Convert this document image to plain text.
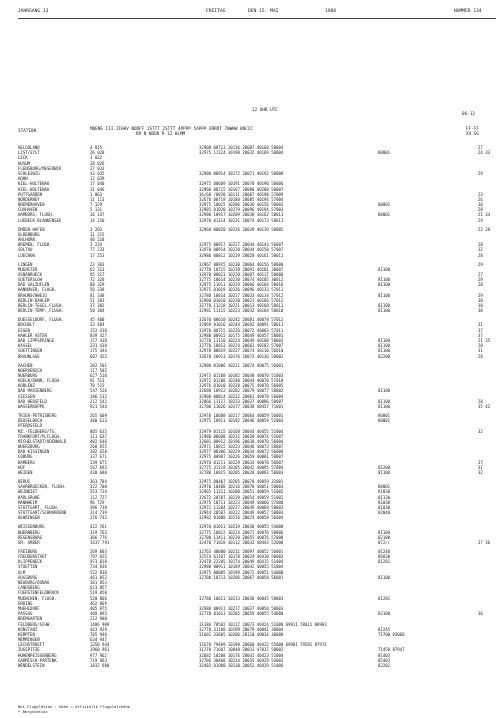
JAHRGANG 13	FREITAG	DEN 15. MAI	1988	NUMMER 134
12 UHR UTC
06-12
STATION	MDENE III IIHHV NDDFF 1STTT 2STTT 4PPPP 5APPP 6RRRT 7WWWW 8NCCC
RR N NDDD R 12 HLMM
FF-FF
XX GG
HELGOLAND	4 015	32908 00713 10136 20087 40168 58004	27
LIST/SYLT	26 020	32975 11124 10190 20032 40189 58004	80001	24 33
LECK	3 022
HUSUM	28 026
FLENSBURG/MESERWIK	27 033
SCHLESWIG	43 035	32980 00914 10172 20071 40192 58008	29
HOHN	12 039
KIEL-HOLTENAU	17 040	32975 00609 10191 20078 40190 58006
KIEL-HOLTENAU	31 046	32960 00715 10167 20088 40200 58007
PUTTGARDEN	1 063	36/60 /0820 10111 20087 40198 57009	23
NORDERNEY	11 113	32670 00719 10180 20085 40194 57004	26
BREMERHAVEN	7 129	32975 10815 10206 20036 40156 58002	80001	30
CUXHAVEN	5 131	32985 01020 10179 20096 40194 57003	28
HAMBURG, FLUGH.	16 147	32980 10917 10209 20030 40162 58013	80001	21 34
LUEBECK-BLANKENSEE	14 150	32970 01114 10231 20074 40173 58011	29
EMDEN-HAFEN	3 203	32968 00820 10226 20039 40139 58005	22 28
OLDENBURG	11 215
AHLHORN	40 218
BREMEN, FLUGH.	3 224	32975 00917 10227 20044 40143 56007	28
SOLTAU	77 233	32970 00914 10220 20044 40150 57007	32
LUECHOW	17 253	32980 00812 10219 20028 40161 58011	28
LINGEN	23 303	32967 00915 10230 20064 40156 58008	29
MUENSTER	62 313	32770 10715 10239 20091 40101 38007	81100
OSNABRUECK	95 317	32970 00823 10220 20087 40117 58006	27
GUETERSLOH	72 320	32775 10614 10230 20074 40105 30012	81100	29
BAD SALZUFLEN	88 329	32975 11013 10229 20066 40104 58016	81100	28
HANNOVER, FLUGH.	56 338	32975 01019 10226 20096 40133 57011
BRAUNSCHWEIG	81 348	32780 10814 10217 20033 40134 57012	81100	29
BERLIN-DAHLEM	51 383	32980 01010 10220 20021 40166 57012	30
BERLIN-TEGEL,FLUGH.	37 382	32770 11218 10221 20013 40160 58011	81100	30
BERLIN-TEMP.,FLUGH.	50 384	32981 11115 10223 20032 40164 58010	81100	30
DUESSELDORF, FLUGH.	45 400	32670 00610 10242 20081 40078 57012
BOCHOLT	23 404	32969 01016 10244 20092 40091 58011	31
ESSEN	152 410	32970 00715 10226 20072 40083 57011	37
HAHLER ASTEN	839 427	32980 00915 10175 20049 40457 58001	37
BAD LIPPSPRINGE	157 430	32770 11110 10224 20049 40108 58003	81100	21 35
KASSEL	231 438	32770 10812 10224 20062 40102 57007	81100	28
GOETTINGEN	175 444	32970 00819 10227 20074 40110 56010	81100	31
BRAUNLAGE	607 452	32670 20913 10176 20073 40136 58002	82200	28
AACHEN	202 501	32980 01006 10221 20074 40075 56001
NOERVENICH	117 502
NUERBURG	627 510	32973 01108 10182 20048 40070 51003
KOELN/BONN, FLUGH.	91 513	32972 01208 10240 20044 40070 57010
KOBLENZ	70 515	32976 01010 10228 20075 40070 56005
BAD MARIENBERG	547 526	32680 10912 10202 20079 40077 58002	81100
GIESSEN	186 532	32980 00814 10232 20061 40078 56004
BAD HERSFELD	212 542	32866 11117 10233 20037 40086 58007	81100	28
WASSERKUPPE	921 544	32780 11026 10177 20038 40457 71001	81100	35 42
TRIER-PETRISBERG	265 609	32978 10608 10217 20064 40059 56001	80001
DEUSELBACH	480 613	32975 10911 10192 20046 40059 52003	80001
PFERDSFELD
MZ.-FELDBERG/TS.	805 635	32979 01115 10168 20044 40455 51004	32
FRANKFURT/M,FLUGH.	111 637	32980 00608 10232 20038 40074 55007
MICHELSTADT/ODENWALD	402 646	32681 00912 10196 20038 40070 56004
WUERZBURG	268 655	32971 10815 10223 20046 40073 58007
BAD KISSINGEN	282 658	32977 00306 10229 20034 40072 56006
COBURG	337 671	32975 00907 10226 20059 40081 58007
BAMBERG	239 675	32978 01211 10229 20033 40078 56007	27
HOF	567 693	32775 31119 10185 20042 40095 57004	81200	31
WEIDEN	438 688	32780 10915 10205 20028 40083 56003	81100	32
BERUS	363 704	32975 00407 10205 20078 40059 32001
SAARBRUECKEN, FLUGH.	322 708	32970 10408 10216 20070 40051 58003	80001
WEINBIET	553 724	32965 11211 10200 20051 40059 51002	81030
KARLSRUHE	112 727	32672 20707 10239 20054 40059 51002	81130
MANNHEIM	96 729	32975 10711 10223 20049 40066 57006	81030
STUTTGART, FLUGH.	396 738	32972 11204 10227 20049 40069 58002	81030
STUTTGART/SCHNARRENB	314 739	32944 20507 10222 20049 40057 58003	82040
OEHRINGEN	276 742	32982 01008 10216 20074 40058 56004
WEISSENBURG	422 761	32970 01011 10219 20030 40055 54000
NUERNBERG	319 763	32775 10812 10224 20071 40076 58006	81100
REGENSBURG	366 776	32780 11411 10220 20055 40076 57008	82100
GR. ARBER	1437 791	32470 71018 10112 20032 40443 52008	872//	27 36
FREIBURG	269 803	32763 40000 10211 20097 40052 56001	81240
FREUDENSTADT	797 825	32574 61107 10178 20024 40410 50002	86030
KLIPPENECK	973 818	32478 22205 10174 20049 40415 51004	81281
STOETTEN	734 836	32980 00911 10189 20042 40055 51004
ULM	522 838	32975 00805 10199 20072 40051 54000
AUGSBURG	461 852	32780 10713 10206 20067 40058 56001	81100
NEUBURG/DONAU	381 853
LANDSBERG	623 857
FUERSTENFELDBRUCK	519 858
MUENCHEN, FLUGH.	520 866	32780 10611 10213 20038 40045 58003	81281
ERDING	462 869
MUEHLDORF	405 875	32980 00911 10217 20037 40050 58003
PASSAU	409 893	32770 01013 10205 20059 40055 54000	82100	36
BREMGARTEN	212 900
FELDBERG/SCHW.	1486 909	11186 70502 10117 20073 40424 51000 69911 78011 06983
KONSTANZ	443 929	32770 31108 10199 20079 40041 38004	81245
KEMPTEN	705 946	31681 33605 10206 20110 40034 38000	71700 83060
MEMMINGEN	634 947
LECHSTRUEFT	1350 944	11670 79409 10190 20060 40422 55000 69901 79581 87974
ZUGSPITZE	2960 961	31270 71607 10048 20031 47017 58002	71458 87947
HOHENPEISSENBERG	977 962	32682 10208 10176 20041 40423 51004	81403
GARMISCH-PARTENK.	719 963	32786 30408 10214 20035 40429 54002	85403
WENDELSTEIN	1832 980	32483 01908 10130 20052 40429 51006	82202
Bei Flugplätzen : Höhe = offizielle Flugplatzhöhe
* Bergstation
